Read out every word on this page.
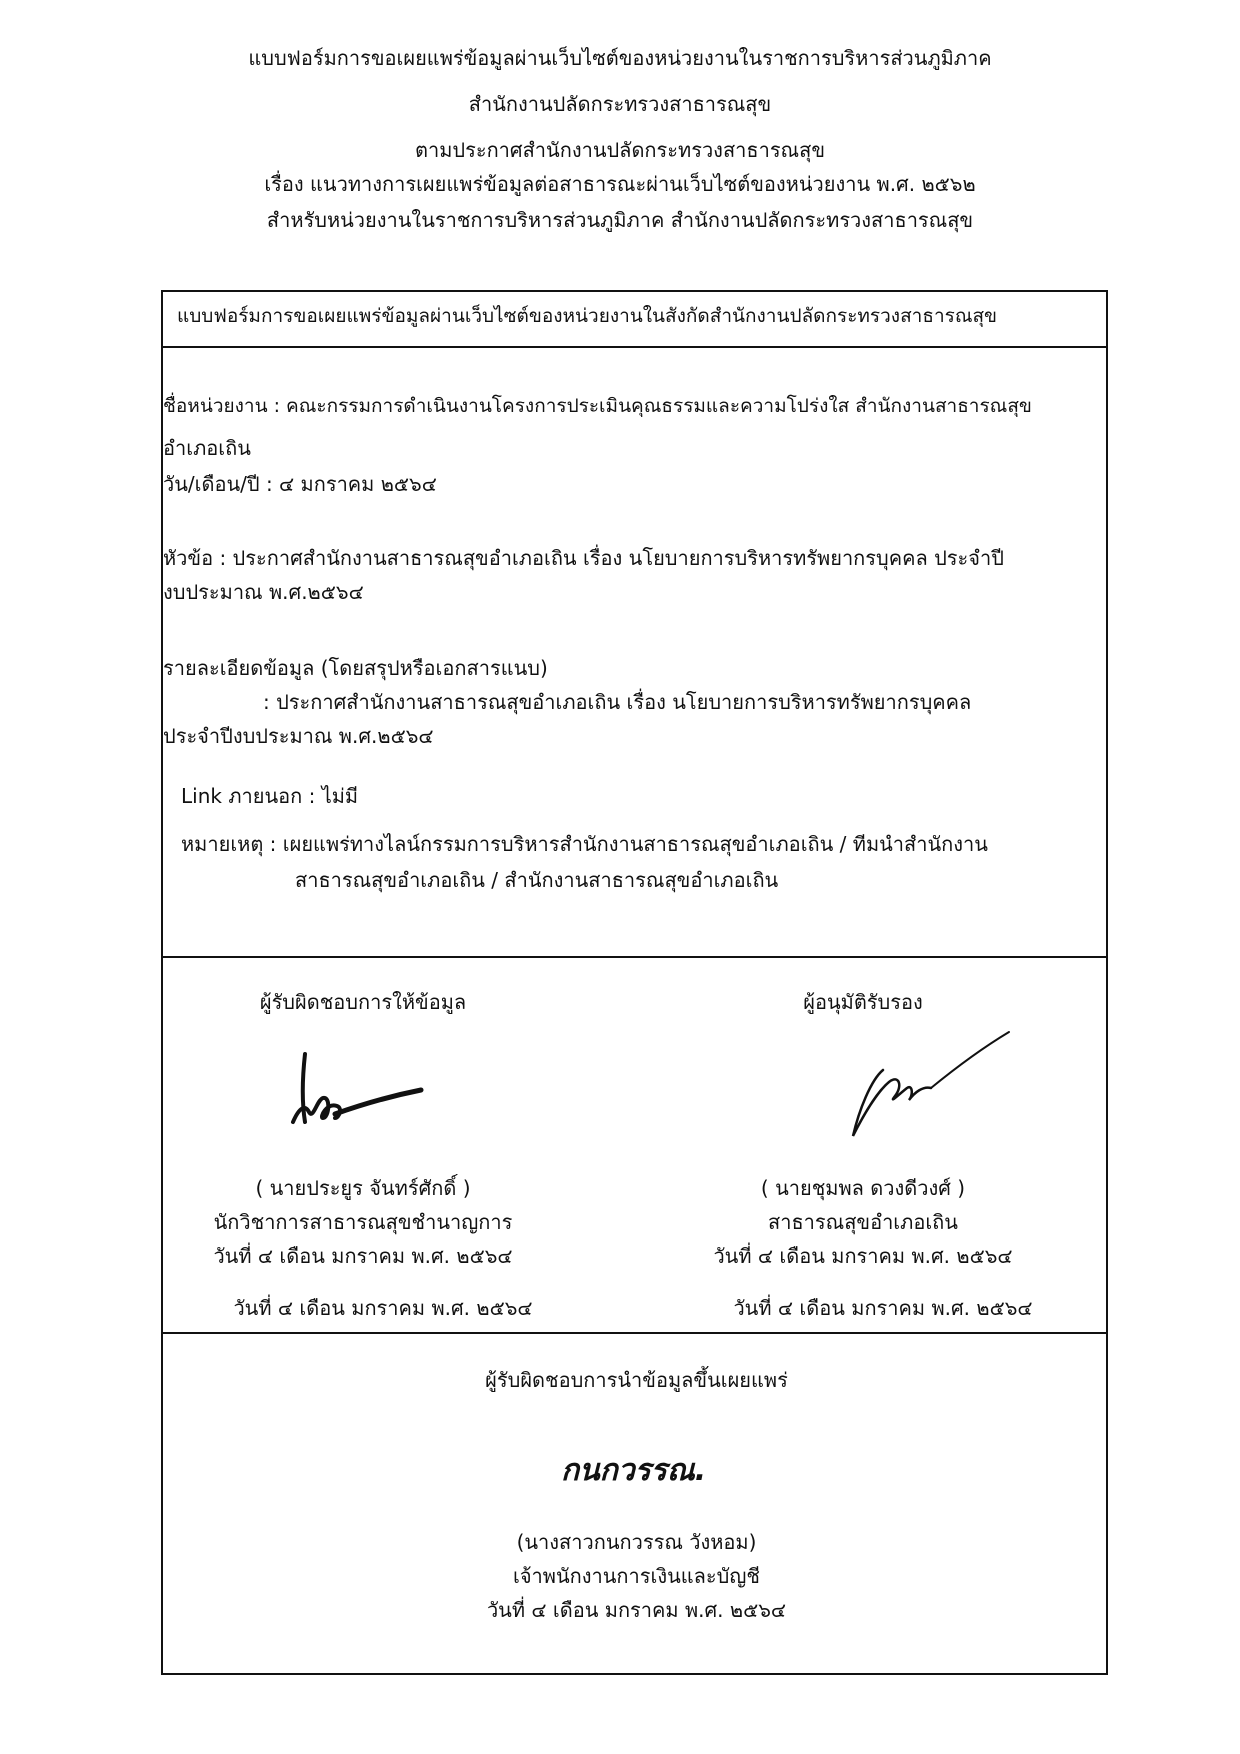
แบบฟอร์มการขอเผยแพร่ข้อมูลผ่านเว็บไซต์ของหน่วยงานในราชการบริหารส่วนภูมิภาค
สำนักงานปลัดกระทรวงสาธารณสุข
ตามประกาศสำนักงานปลัดกระทรวงสาธารณสุข
เรื่อง แนวทางการเผยแพร่ข้อมูลต่อสาธารณะผ่านเว็บไซต์ของหน่วยงาน พ.ศ. ๒๕๖๒
สำหรับหน่วยงานในราชการบริหารส่วนภูมิภาค สำนักงานปลัดกระทรวงสาธารณสุข
แบบฟอร์มการขอเผยแพร่ข้อมูลผ่านเว็บไซต์ของหน่วยงานในสังกัดสำนักงานปลัดกระทรวงสาธารณสุข
ชื่อหน่วยงาน : คณะกรรมการดำเนินงานโครงการประเมินคุณธรรมและความโปร่งใส สำนักงานสาธารณสุข
อำเภอเถิน
วัน/เดือน/ปี : ๔ มกราคม ๒๕๖๔
หัวข้อ : ประกาศสำนักงานสาธารณสุขอำเภอเถิน เรื่อง นโยบายการบริหารทรัพยากรบุคคล ประจำปี
งบประมาณ พ.ศ.๒๕๖๔
รายละเอียดข้อมูล (โดยสรุปหรือเอกสารแนบ)
: ประกาศสำนักงานสาธารณสุขอำเภอเถิน เรื่อง นโยบายการบริหารทรัพยากรบุคคล
ประจำปีงบประมาณ พ.ศ.๒๕๖๔
Link ภายนอก : ไม่มี
หมายเหตุ : เผยแพร่ทางไลน์กรรมการบริหารสำนักงานสาธารณสุขอำเภอเถิน / ทีมนำสำนักงาน
สาธารณสุขอำเภอเถิน / สำนักงานสาธารณสุขอำเภอเถิน
ผู้รับผิดชอบการให้ข้อมูล
( นายประยูร จันทร์ศักดิ์ )
นักวิชาการสาธารณสุขชำนาญการ
วันที่ ๔ เดือน มกราคม พ.ศ. ๒๕๖๔
วันที่ ๔ เดือน มกราคม พ.ศ. ๒๕๖๔
ผู้อนุมัติรับรอง
( นายชุมพล ดวงดีวงศ์ )
สาธารณสุขอำเภอเถิน
วันที่ ๔ เดือน มกราคม พ.ศ. ๒๕๖๔
วันที่ ๔ เดือน มกราคม พ.ศ. ๒๕๖๔
ผู้รับผิดชอบการนำข้อมูลขึ้นเผยแพร่
กนกวรรณ.
(นางสาวกนกวรรณ วังหอม)
เจ้าพนักงานการเงินและบัญชี
วันที่ ๔ เดือน มกราคม พ.ศ. ๒๕๖๔
